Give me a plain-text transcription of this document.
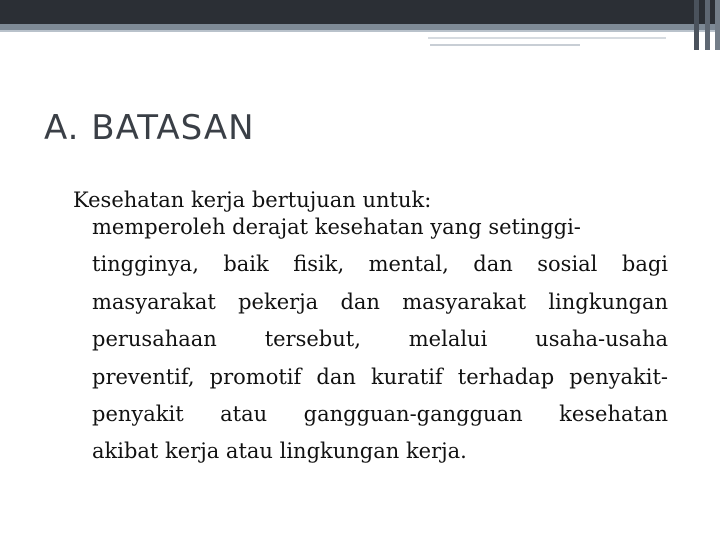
A. BATASAN

Kesehatan kerja bertujuan untuk:

memperoleh derajat kesehatan yang setinggi-
tingginya, baik fisik, mental, dan sosial bagi
masyarakat pekerja dan masyarakat lingkungan
perusahaan tersebut, melalui usaha-usaha
preventif, promotif dan kuratif terhadap penyakit-
penyakit atau gangguan-gangguan kesehatan
akibat kerja atau lingkungan kerja.
